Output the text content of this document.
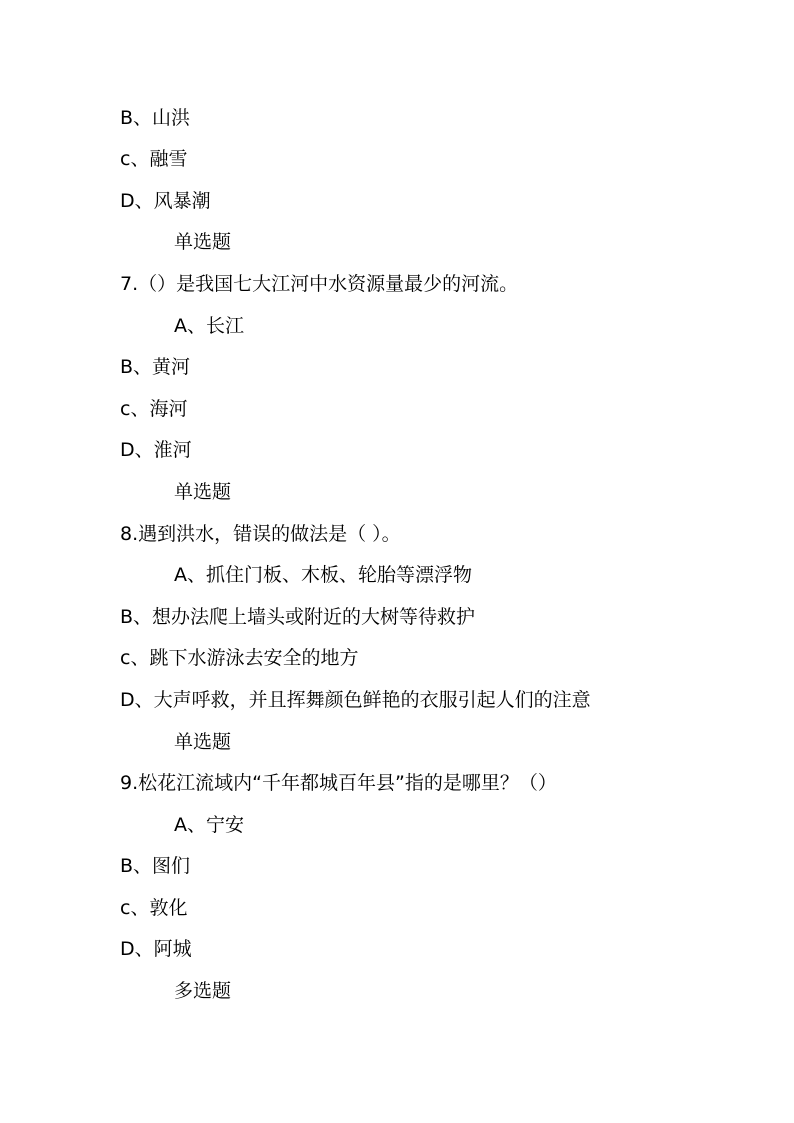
B、山洪
c、融雪
D、风暴潮
单选题
7.（）是我国七大江河中水资源量最少的河流。
A、长江
B、黄河
c、海河
D、淮河
单选题
8.遇到洪水，错误的做法是（ ）。
A、抓住门板、木板、轮胎等漂浮物
B、想办法爬上墙头或附近的大树等待救护
c、跳下水游泳去安全的地方
D、大声呼救，并且挥舞颜色鲜艳的衣服引起人们的注意
单选题
9.松花江流域内“千年都城百年县”指的是哪里？（）
A、宁安
B、图们
c、敦化
D、阿城
多选题
